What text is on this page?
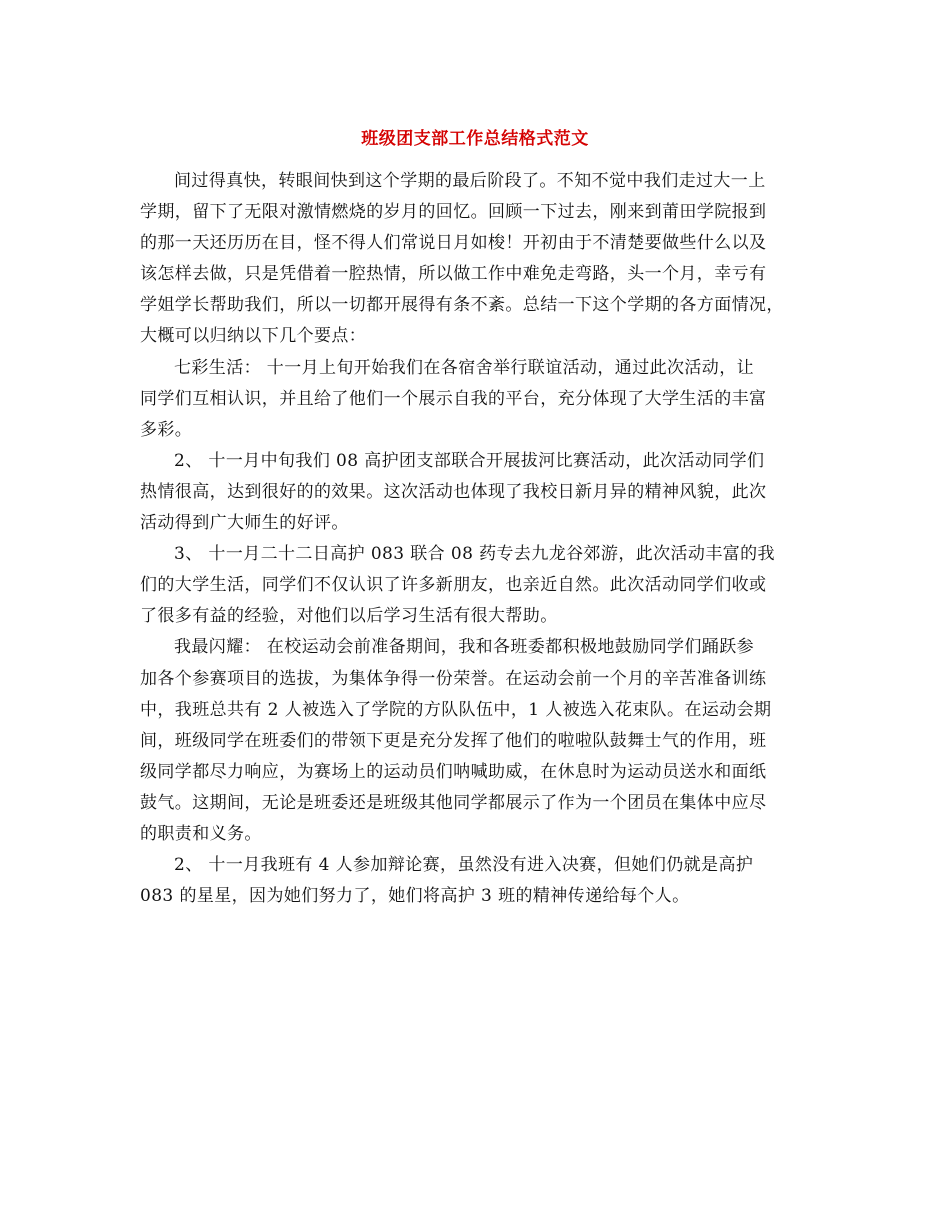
班级团支部工作总结格式范文
间过得真快，转眼间快到这个学期的最后阶段了。不知不觉中我们走过大一上
学期，留下了无限对激情燃烧的岁月的回忆。回顾一下过去，刚来到莆田学院报到
的那一天还历历在目，怪不得人们常说日月如梭！开初由于不清楚要做些什么以及
该怎样去做，只是凭借着一腔热情，所以做工作中难免走弯路，头一个月，幸亏有
学姐学长帮助我们，所以一切都开展得有条不紊。总结一下这个学期的各方面情况，
大概可以归纳以下几个要点：
七彩生活： 十一月上旬开始我们在各宿舍举行联谊活动，通过此次活动，让
同学们互相认识，并且给了他们一个展示自我的平台，充分体现了大学生活的丰富
多彩。
2、 十一月中旬我们 08 高护团支部联合开展拔河比赛活动，此次活动同学们
热情很高，达到很好的的效果。这次活动也体现了我校日新月异的精神风貌，此次
活动得到广大师生的好评。
3、 十一月二十二日高护 083 联合 08 药专去九龙谷郊游，此次活动丰富的我
们的大学生活，同学们不仅认识了许多新朋友，也亲近自然。此次活动同学们收或
了很多有益的经验，对他们以后学习生活有很大帮助。
我最闪耀： 在校运动会前准备期间，我和各班委都积极地鼓励同学们踊跃参
加各个参赛项目的选拔，为集体争得一份荣誉。在运动会前一个月的辛苦准备训练
中，我班总共有 2 人被选入了学院的方队队伍中，1 人被选入花束队。在运动会期
间，班级同学在班委们的带领下更是充分发挥了他们的啦啦队鼓舞士气的作用，班
级同学都尽力响应，为赛场上的运动员们呐喊助威，在休息时为运动员送水和面纸
鼓气。这期间，无论是班委还是班级其他同学都展示了作为一个团员在集体中应尽
的职责和义务。
2、 十一月我班有 4 人参加辩论赛，虽然没有进入决赛，但她们仍就是高护
083 的星星，因为她们努力了，她们将高护 3 班的精神传递给每个人。
